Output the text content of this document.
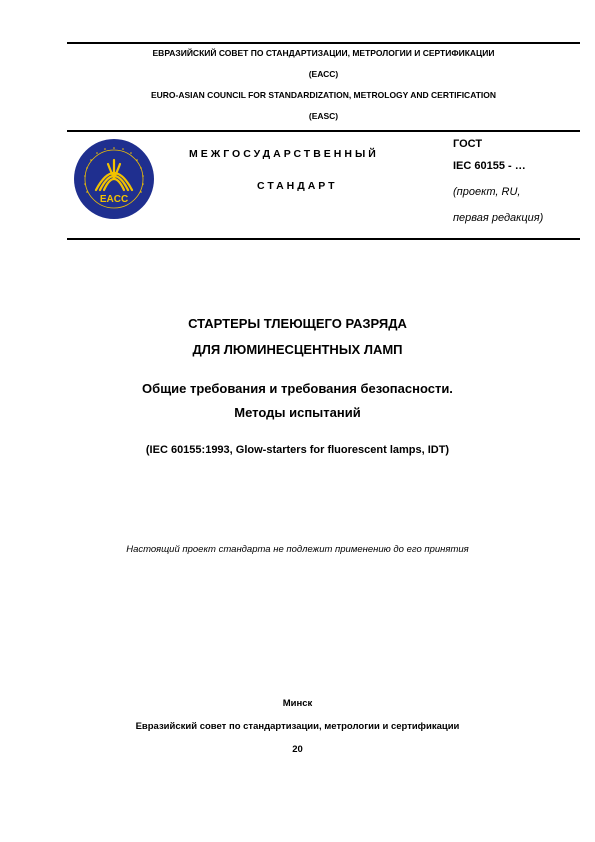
ЕВРАЗИЙСКИЙ СОВЕТ ПО СТАНДАРТИЗАЦИИ, МЕТРОЛОГИИ И СЕРТИФИКАЦИИ
(ЕАСС)
EURO-ASIAN COUNCIL FOR STANDARDIZATION, METROLOGY AND CERTIFICATION
(EASC)
EACC
МЕЖГОСУДАРСТВЕННЫЙ
СТАНДАРТ
ГОСТ
IEC 60155 - …
(проект, RU,
первая редакция)
СТАРТЕРЫ ТЛЕЮЩЕГО РАЗРЯДА
ДЛЯ ЛЮМИНЕСЦЕНТНЫХ ЛАМП
Общие требования и требования безопасности.
Методы испытаний
(IEC 60155:1993, Glow-starters for fluorescent lamps, IDT)
Настоящий проект стандарта не подлежит применению до его принятия
Минск
Евразийский совет по стандартизации, метрологии и сертификации
20
